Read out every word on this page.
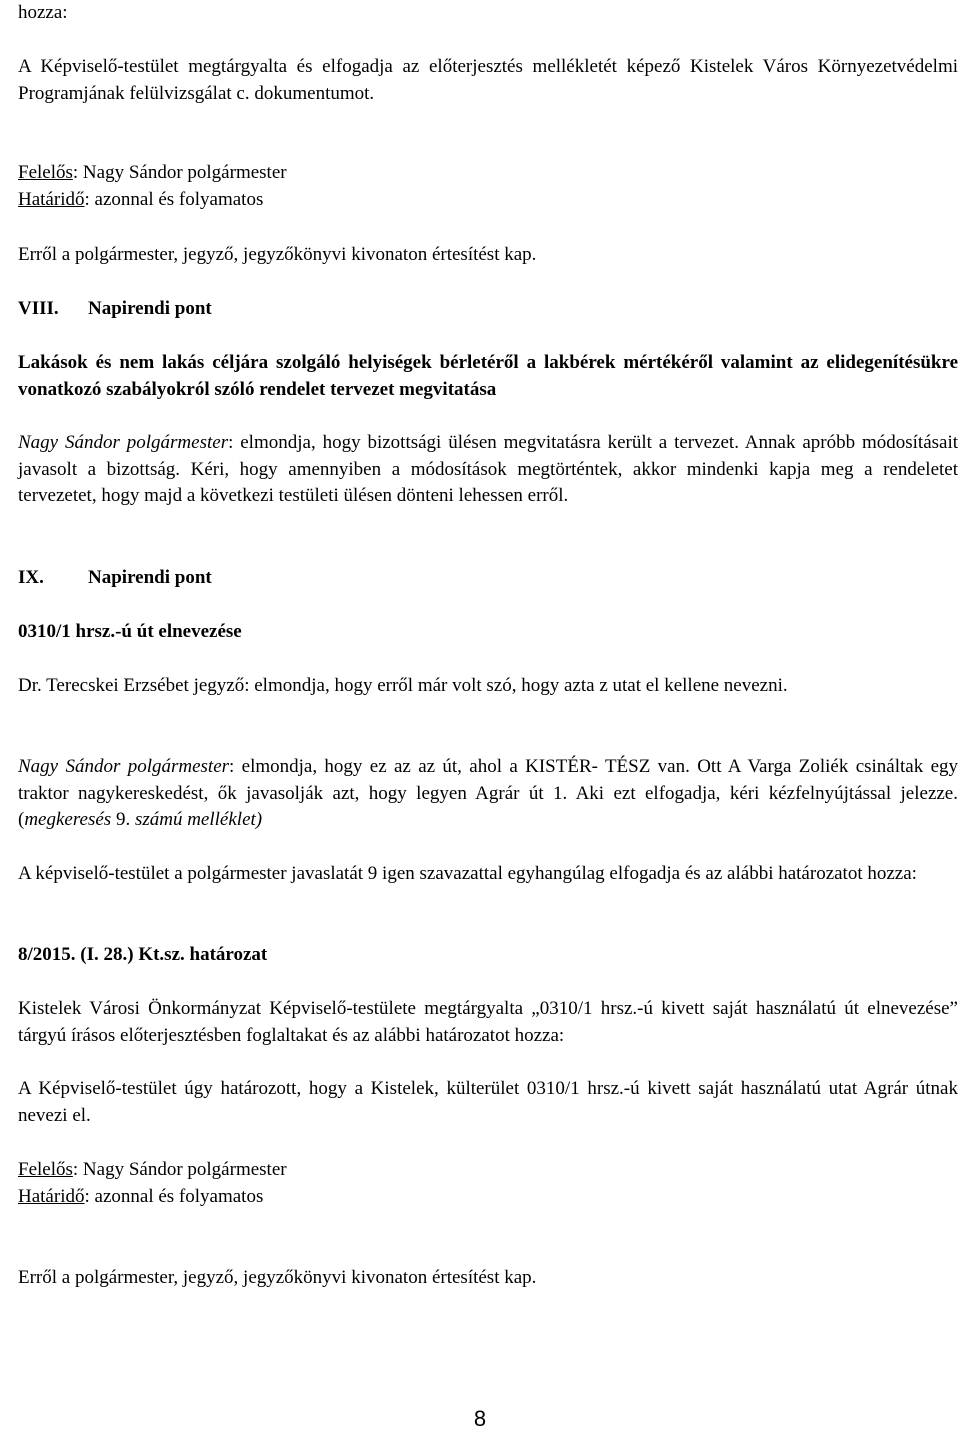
hozza:

A Képviselő-testület megtárgyalta és elfogadja az előterjesztés mellékletét képező Kistelek Város Környezetvédelmi Programjának felülvizsgálat c. dokumentumot.

Felelős: Nagy Sándor polgármester

Határidő: azonnal és folyamatos

Erről a polgármester, jegyző, jegyzőkönyvi kivonaton értesítést kap.

VIII. Napirendi pont

Lakások és nem lakás céljára szolgáló helyiségek bérletéről a lakbérek mértékéről valamint az elidegenítésükre vonatkozó szabályokról szóló rendelet tervezet megvitatása

Nagy Sándor polgármester: elmondja, hogy bizottsági ülésen megvitatásra került a tervezet. Annak apróbb módosításait javasolt a bizottság. Kéri, hogy amennyiben a módosítások megtörténtek, akkor mindenki kapja meg a rendeletet tervezetet, hogy majd a következi testületi ülésen dönteni lehessen erről.

IX. Napirendi pont

0310/1 hrsz.-ú út elnevezése

Dr. Terecskei Erzsébet jegyző: elmondja, hogy erről már volt szó, hogy azta z utat el kellene nevezni.

Nagy Sándor polgármester: elmondja, hogy ez az az út, ahol a KISTÉR- TÉSZ van. Ott A Varga Zoliék csináltak egy traktor nagykereskedést, ők javasolják azt, hogy legyen Agrár út 1. Aki ezt elfogadja, kéri kézfelnyújtással jelezze. (megkeresés 9. számú melléklet)

A képviselő-testület a polgármester javaslatát 9 igen szavazattal egyhangúlag elfogadja és az alábbi határozatot hozza:

8/2015. (I. 28.) Kt.sz. határozat

Kistelek Városi Önkormányzat Képviselő-testülete megtárgyalta „0310/1 hrsz.-ú kivett saját használatú út elnevezése” tárgyú írásos előterjesztésben foglaltakat és az alábbi határozatot hozza:

A Képviselő-testület úgy határozott, hogy a Kistelek, külterület 0310/1 hrsz.-ú kivett saját használatú utat Agrár útnak nevezi el.

Felelős: Nagy Sándor polgármester

Határidő: azonnal és folyamatos

Erről a polgármester, jegyző, jegyzőkönyvi kivonaton értesítést kap.

8
